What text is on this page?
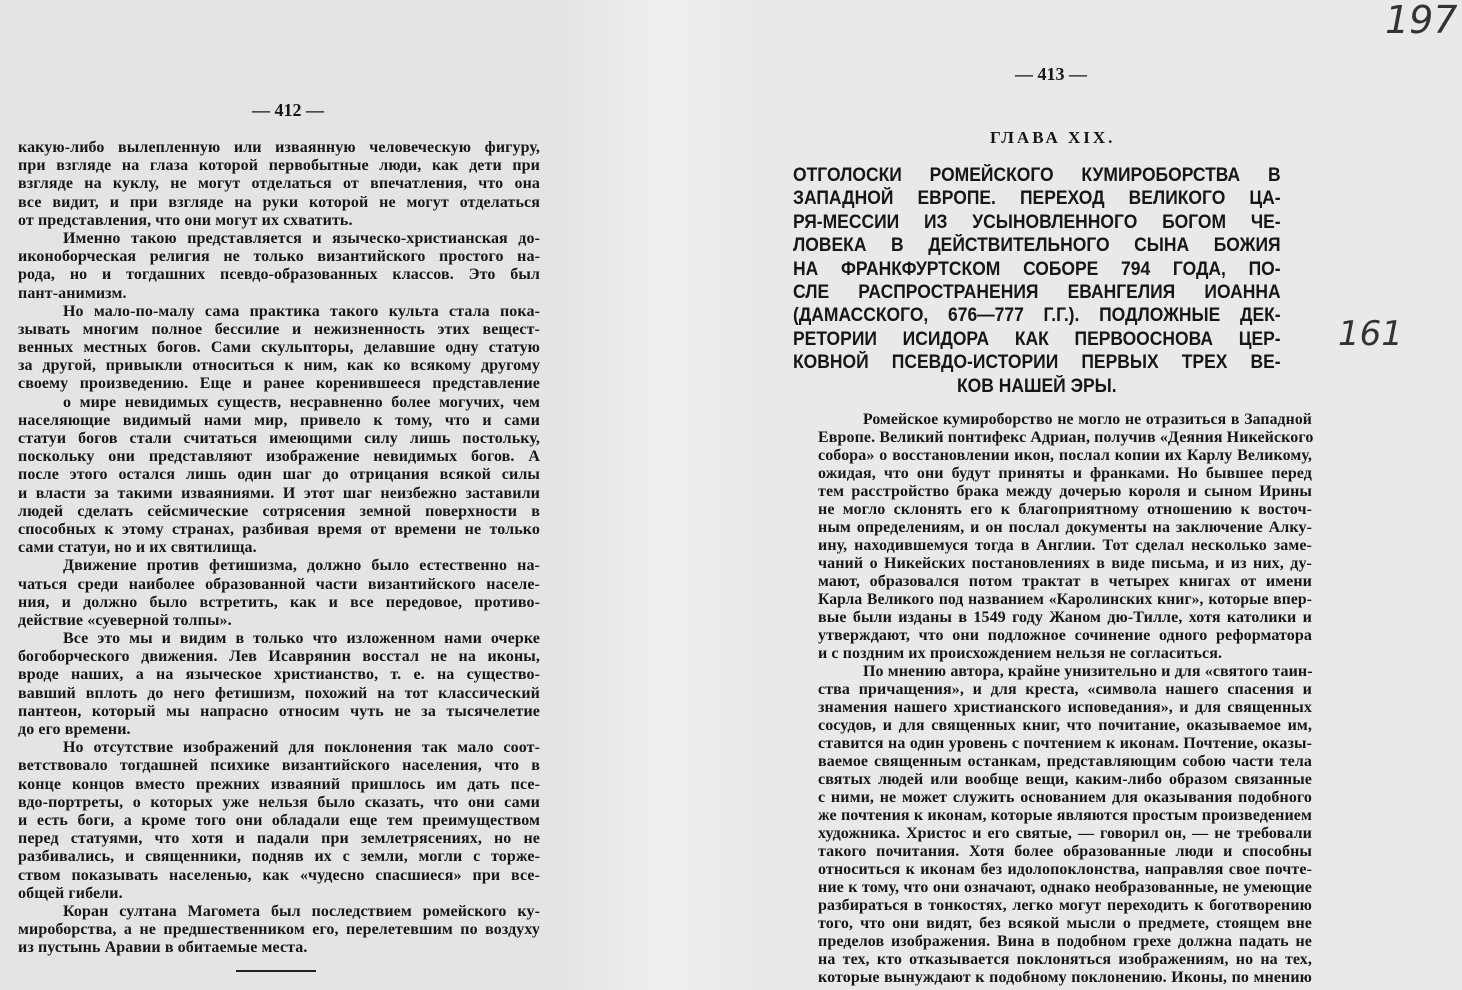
— 412 —
какую-либо вылепленную или изваянную человеческую фигуру,
при взгляде на глаза которой первобытные люди, как дети при
взгляде на куклу, не могут отделаться от впечатления, что она
все видит, и при взгляде на руки которой не могут отделаться
от представления, что они могут их схватить.
Именно такою представляется и языческо-христианская до-
иконоборческая религия не только византийского простого на-
рода, но и тогдашних псевдо-образованных классов. Это был
пант-анимизм.
Но мало-по-малу сама практика такого культа стала пока-
зывать многим полное бессилие и нежизненность этих вещест-
венных местных богов. Сами скульпторы, делавшие одну статую
за другой, привыкли относиться к ним, как ко всякому другому
своему произведению. Еще и ранее коренившееся представление
о мире невидимых существ, несравненно более могучих, чем
населяющие видимый нами мир, привело к тому, что и сами
статуи богов стали считаться имеющими силу лишь постольку,
поскольку они представляют изображение невидимых богов. А
после этого остался лишь один шаг до отрицания всякой силы
и власти за такими изваяниями. И этот шаг неизбежно заставили
людей сделать сейсмические сотрясения земной поверхности в
способных к этому странах, разбивая время от времени не только
сами статуи, но и их святилища.
Движение против фетишизма, должно было естественно на-
чаться среди наиболее образованной части византийского населе-
ния, и должно было встретить, как и все передовое, противо-
действие «суеверной толпы».
Все это мы и видим в только что изложенном нами очерке
богоборческого движения. Лев Исаврянин восстал не на иконы,
вроде наших, а на языческое христианство, т. е. на существо-
вавший вплоть до него фетишизм, похожий на тот классический
пантеон, который мы напрасно относим чуть не за тысячелетие
до его времени.
Но отсутствие изображений для поклонения так мало соот-
ветствовало тогдашней психике византийского населения, что в
конце концов вместо прежних изваяний пришлось им дать псе-
вдо-портреты, о которых уже нельзя было сказать, что они сами
и есть боги, а кроме того они обладали еще тем преимуществом
перед статуями, что хотя и падали при землетрясениях, но не
разбивались, и священники, подняв их с земли, могли с торже-
ством показывать населенью, как «чудесно спасшиеся» при все-
общей гибели.
Коран султана Магомета был последствием ромейского ку-
мироборства, а не предшественником его, перелетевшим по воздуху
из пустынь Аравии в обитаемые места.
— 413 —
ГЛАВА XIX.
ОТГОЛОСКИ РОМЕЙСКОГО КУМИРОБОРСТВА В
ЗАПАДНОЙ ЕВРОПЕ. ПЕРЕХОД ВЕЛИКОГО ЦА-
РЯ-МЕССИИ ИЗ УСЫНОВЛЕННОГО БОГОМ ЧЕ-
ЛОВЕКА В ДЕЙСТВИТЕЛЬНОГО СЫНА БОЖИЯ
НА ФРАНКФУРТСКОМ СОБОРЕ 794 ГОДА, ПО-
СЛЕ РАСПРОСТРАНЕНИЯ ЕВАНГЕЛИЯ ИОАННА
(ДАМАССКОГО, 676—777 Г.Г.). ПОДЛОЖНЫЕ ДЕК-
РЕТОРИИ ИСИДОРА КАК ПЕРВООСНОВА ЦЕР-
КОВНОЙ ПСЕВДО-ИСТОРИИ ПЕРВЫХ ТРЕХ ВЕ-
КОВ НАШЕЙ ЭРЫ.
Ромейское кумироборство не могло не отразиться в Западной
Европе. Великий понтифекс Адриан, получив «Деяния Никейского
собора» о восстановлении икон, послал копии их Карлу Великому,
ожидая, что они будут приняты и франками. Но бывшее перед
тем расстройство брака между дочерью короля и сыном Ирины
не могло склонять его к благоприятному отношению к восточ-
ным определениям, и он послал документы на заключение Алку-
ину, находившемуся тогда в Англии. Тот сделал несколько заме-
чаний о Никейских постановлениях в виде письма, и из них, ду-
мают, образовался потом трактат в четырех книгах от имени
Карла Великого под названием «Каролинских книг», которые впер-
вые были изданы в 1549 году Жаном дю-Тилле, хотя католики и
утверждают, что они подложное сочинение одного реформатора
и с поздним их происхождением нельзя не согласиться.
По мнению автора, крайне унизительно и для «святого таин-
ства причащения», и для креста, «символа нашего спасения и
знамения нашего христианского исповедания», и для священных
сосудов, и для священных книг, что почитание, оказываемое им,
ставится на один уровень с почтением к иконам. Почтение, оказы-
ваемое священным останкам, представляющим собою части тела
святых людей или вообще вещи, каким-либо образом связанные
с ними, не может служить основанием для оказывания подобного
же почтения к иконам, которые являются простым произведением
художника. Христос и его святые, — говорил он, — не требовали
такого почитания. Хотя более образованные люди и способны
относиться к иконам без идолопоклонства, направляя свое почте-
ние к тому, что они означают, однако необразованные, не умеющие
разбираться в тонкостях, легко могут переходить к боготворению
того, что они видят, без всякой мысли о предмете, стоящем вне
пределов изображения. Вина в подобном грехе должна падать не
на тех, кто отказывается поклоняться изображениям, но на тех,
которые вынуждают к подобному поклонению. Иконы, по мнению
197
161
